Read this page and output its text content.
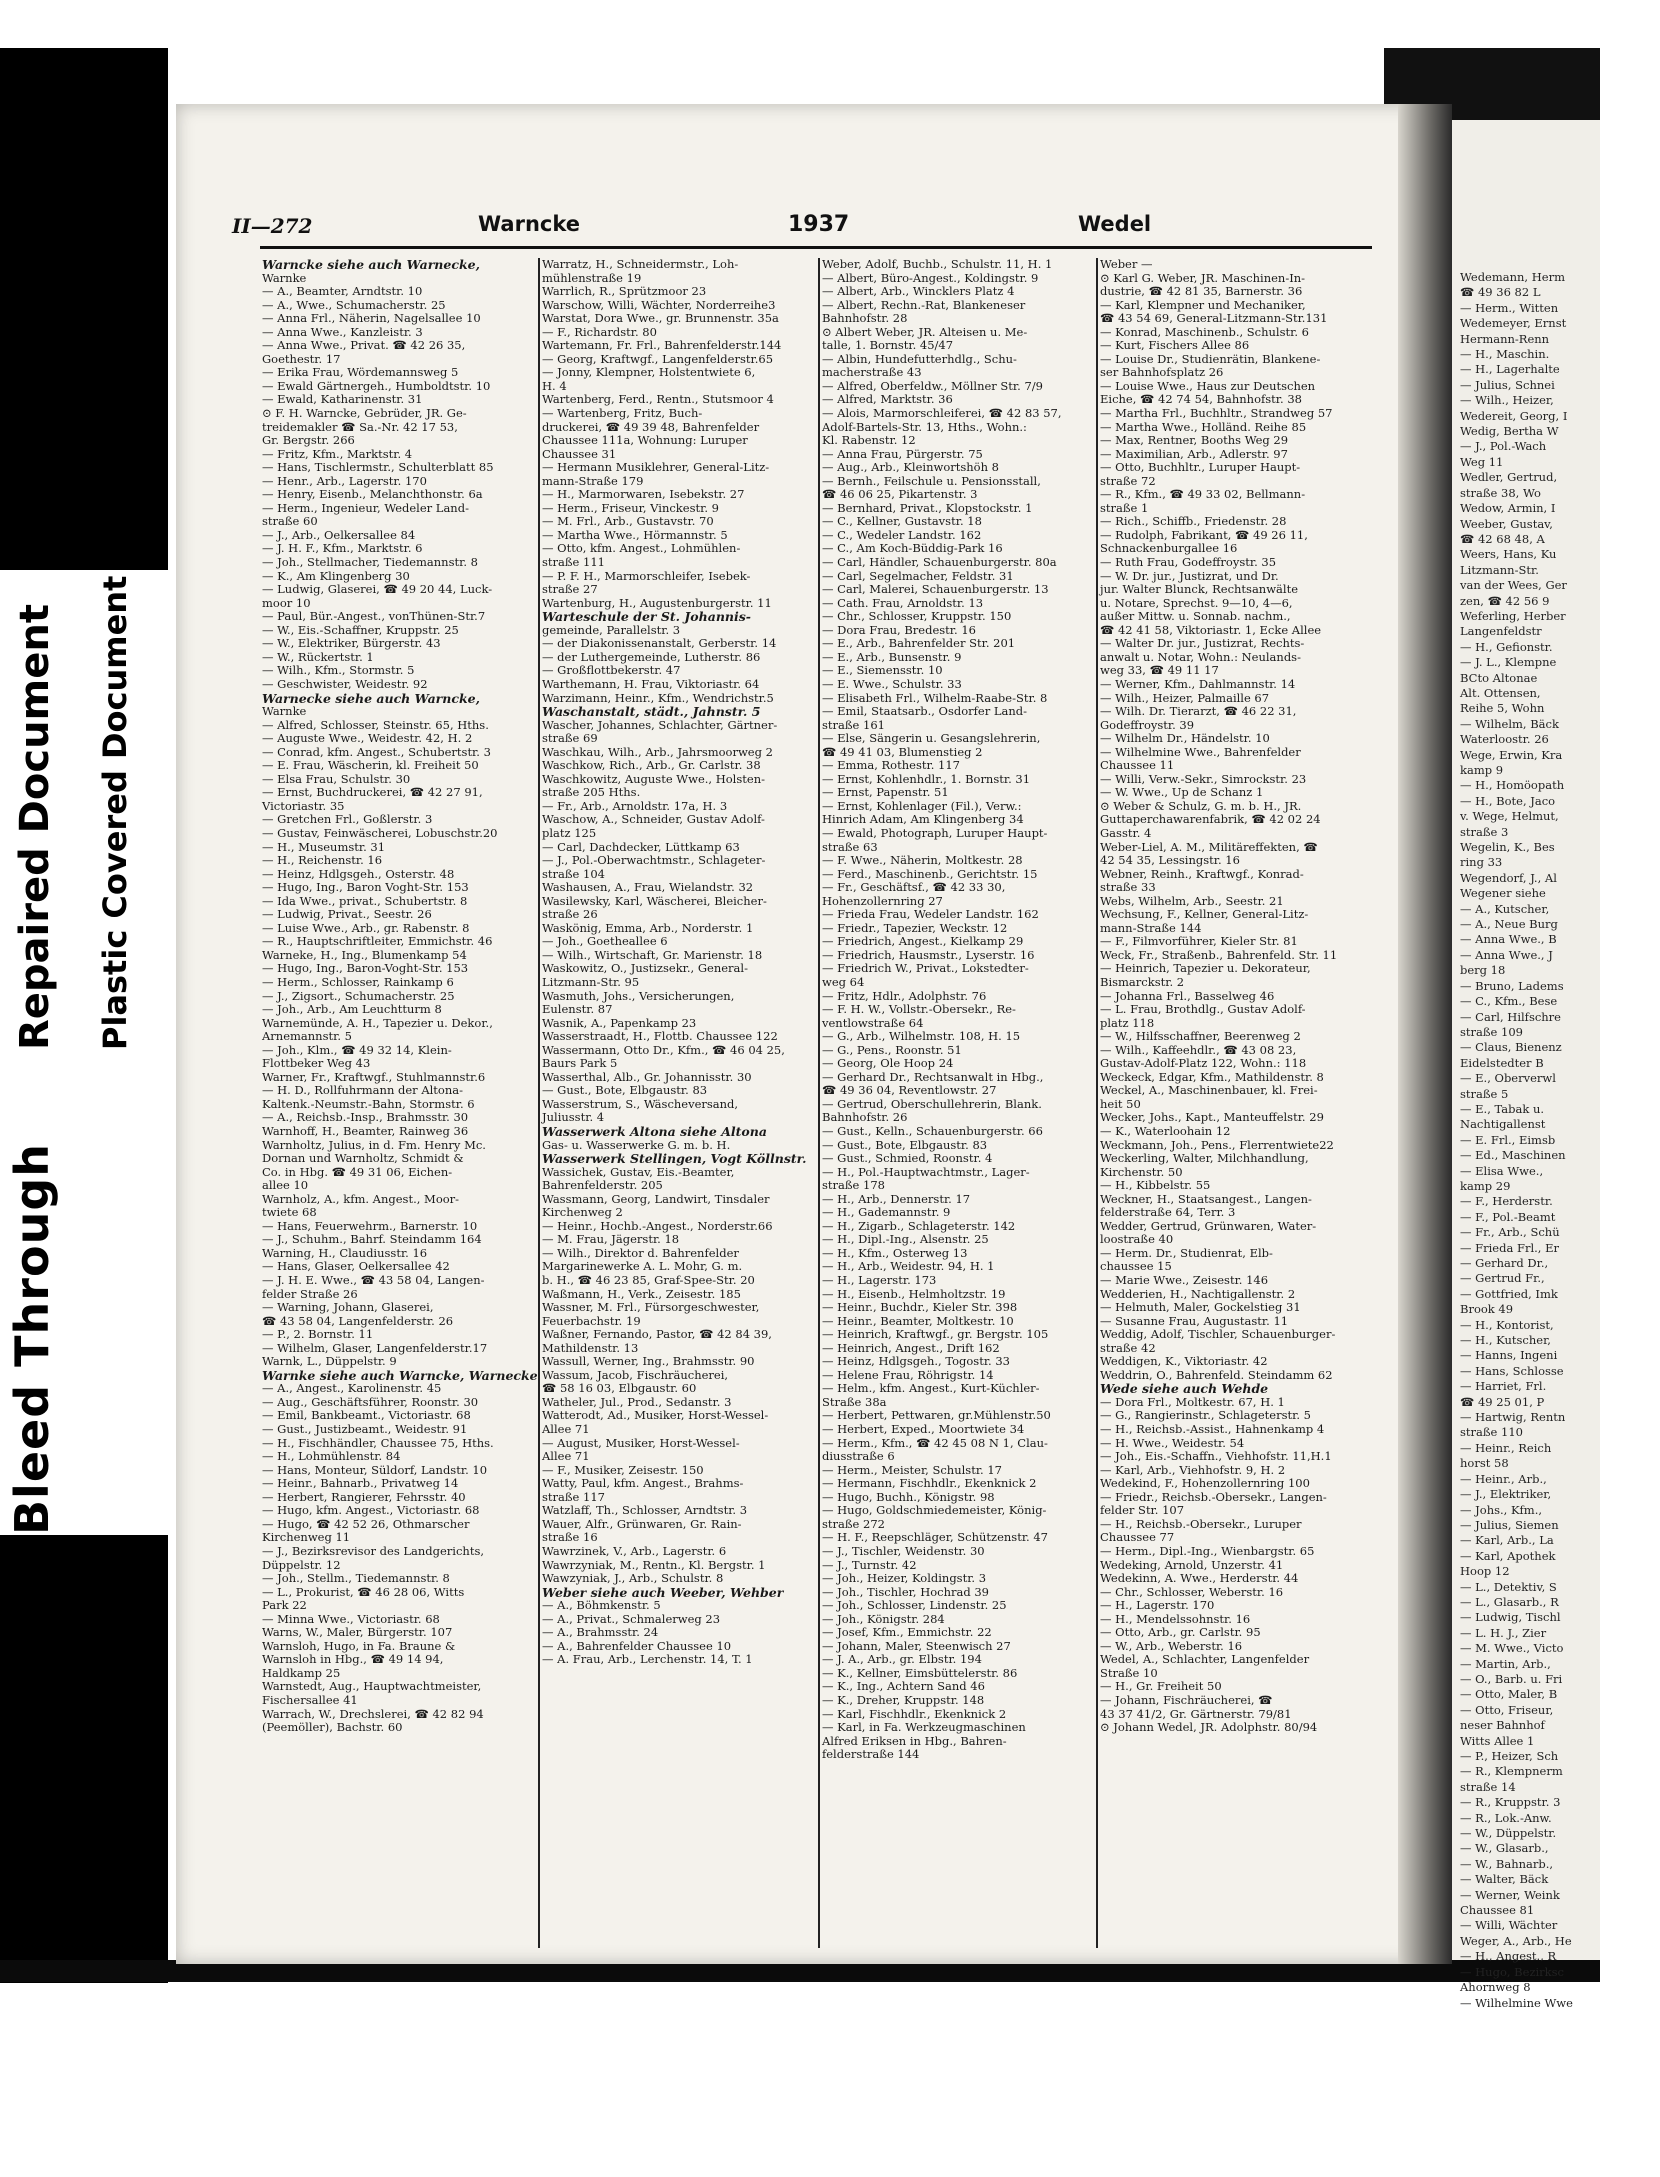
Wedemann, Herm
☎ 49 36 82 L
— Herm., Witten
Wedemeyer, Ernst
Hermann-Renn
— H., Maschin.
— H., Lagerhalte
— Julius, Schnei
— Wilh., Heizer,
Wedereit, Georg, I
Wedig, Bertha W
— J., Pol.-Wach
Weg 11
Wedler, Gertrud,
straße 38, Wo
Wedow, Armin, I
Weeber, Gustav,
☎ 42 68 48, A
Weers, Hans, Ku
Litzmann-Str.
van der Wees, Ger
zen, ☎ 42 56 9
Weferling, Herber
Langenfeldstr
— H., Gefionstr.
— J. L., Klempne
BCto Altonae
Alt. Ottensen,
Reihe 5, Wohn
— Wilhelm, Bäck
Waterloostr. 26
Wege, Erwin, Kra
kamp 9
— H., Homöopath
— H., Bote, Jaco
v. Wege, Helmut,
straße 3
Wegelin, K., Bes
ring 33
Wegendorf, J., Al
Wegener siehe
— A., Kutscher,
— A., Neue Burg
— Anna Wwe., B
— Anna Wwe., J
berg 18
— Bruno, Ladems
— C., Kfm., Bese
— Carl, Hilfschre
straße 109
— Claus, Bienenz
Eidelstedter B
— E., Oberverwl
straße 5
— E., Tabak u.
Nachtigallenst
— E. Frl., Eimsb
— Ed., Maschinen
— Elisa Wwe.,
kamp 29
— F., Herderstr.
— F., Pol.-Beamt
— Fr., Arb., Schü
— Frieda Frl., Er
— Gerhard Dr.,
— Gertrud Fr.,
— Gottfried, Imk
Brook 49
— H., Kontorist,
— H., Kutscher,
— Hanns, Ingeni
— Hans, Schlosse
— Harriet, Frl.
☎ 49 25 01, P
— Hartwig, Rentn
straße 110
— Heinr., Reich
horst 58
— Heinr., Arb.,
— J., Elektriker,
— Johs., Kfm.,
— Julius, Siemen
— Karl, Arb., La
— Karl, Apothek
Hoop 12
— L., Detektiv, S
— L., Glasarb., R
— Ludwig, Tischl
— L. H. J., Zier
— M. Wwe., Victo
— Martin, Arb.,
— O., Barb. u. Fri
— Otto, Maler, B
— Otto, Friseur,
neser Bahnhof
Witts Allee 1
— P., Heizer, Sch
— R., Klempnerm
straße 14
— R., Kruppstr. 3
— R., Lok.-Anw.
— W., Düppelstr.
— W., Glasarb.,
— W., Bahnarb.,
— Walter, Bäck
— Werner, Weink
Chaussee 81
— Willi, Wächter
Weger, A., Arb., He
— H., Angest., R
— Hugo, Bezirksc
Ahornweg 8
— Wilhelmine Wwe
Bleed Through
Repaired Document Plastic Covered Document
II—272	Warncke	1937	Wedel
Warncke siehe auch Warnecke,
Warnke
— A., Beamter, Arndtstr. 10
— A., Wwe., Schumacherstr. 25
— Anna Frl., Näherin, Nagelsallee 10
— Anna Wwe., Kanzleistr. 3
— Anna Wwe., Privat. ☎ 42 26 35,
Goethestr. 17
— Erika Frau, Wördemannsweg 5
— Ewald Gärtnergeh., Humboldtstr. 10
— Ewald, Katharinenstr. 31
⊙ F. H. Warncke, Gebrüder, JR. Ge-
treidemakler ☎ Sa.-Nr. 42 17 53,
Gr. Bergstr. 266
— Fritz, Kfm., Marktstr. 4
— Hans, Tischlermstr., Schulterblatt 85
— Henr., Arb., Lagerstr. 170
— Henry, Eisenb., Melanchthonstr. 6a
— Herm., Ingenieur, Wedeler Land-
straße 60
— J., Arb., Oelkersallee 84
— J. H. F., Kfm., Marktstr. 6
— Joh., Stellmacher, Tiedemannstr. 8
— K., Am Klingenberg 30
— Ludwig, Glaserei, ☎ 49 20 44, Luck-
moor 10
— Paul, Bür.-Angest., vonThünen-Str.7
— W., Eis.-Schaffner, Kruppstr. 25
— W., Elektriker, Bürgerstr. 43
— W., Rückertstr. 1
— Wilh., Kfm., Stormstr. 5
— Geschwister, Weidestr. 92
Warnecke siehe auch Warncke,
Warnke
— Alfred, Schlosser, Steinstr. 65, Hths.
— Auguste Wwe., Weidestr. 42, H. 2
— Conrad, kfm. Angest., Schubertstr. 3
— E. Frau, Wäscherin, kl. Freiheit 50
— Elsa Frau, Schulstr. 30
— Ernst, Buchdruckerei, ☎ 42 27 91,
Victoriastr. 35
— Gretchen Frl., Goßlerstr. 3
— Gustav, Feinwäscherei, Lobuschstr.20
— H., Museumstr. 31
— H., Reichenstr. 16
— Heinz, Hdlgsgeh., Osterstr. 48
— Hugo, Ing., Baron Voght-Str. 153
— Ida Wwe., privat., Schubertstr. 8
— Ludwig, Privat., Seestr. 26
— Luise Wwe., Arb., gr. Rabenstr. 8
— R., Hauptschriftleiter, Emmichstr. 46
Warneke, H., Ing., Blumenkamp 54
— Hugo, Ing., Baron-Voght-Str. 153
— Herm., Schlosser, Rainkamp 6
— J., Zigsort., Schumacherstr. 25
— Joh., Arb., Am Leuchtturm 8
Warnemünde, A. H., Tapezier u. Dekor.,
Arnemannstr. 5
— Joh., Klm., ☎ 49 32 14, Klein-
Flottbeker Weg 43
Warner, Fr., Kraftwgf., Stuhlmannstr.6
— H. D., Rollfuhrmann der Altona-
Kaltenk.-Neumstr.-Bahn, Stormstr. 6
— A., Reichsb.-Insp., Brahmsstr. 30
Warnhoff, H., Beamter, Rainweg 36
Warnholtz, Julius, in d. Fm. Henry Mc.
Dornan und Warnholtz, Schmidt &
Co. in Hbg. ☎ 49 31 06, Eichen-
allee 10
Warnholz, A., kfm. Angest., Moor-
twiete 68
— Hans, Feuerwehrm., Barnerstr. 10
— J., Schuhm., Bahrf. Steindamm 164
Warning, H., Claudiusstr. 16
— Hans, Glaser, Oelkersallee 42
— J. H. E. Wwe., ☎ 43 58 04, Langen-
felder Straße 26
— Warning, Johann, Glaserei,
☎ 43 58 04, Langenfelderstr. 26
— P., 2. Bornstr. 11
— Wilhelm, Glaser, Langenfelderstr.17
Warnk, L., Düppelstr. 9
Warnke siehe auch Warncke, Warnecke
— A., Angest., Karolinenstr. 45
— Aug., Geschäftsführer, Roonstr. 30
— Emil, Bankbeamt., Victoriastr. 68
— Gust., Justizbeamt., Weidestr. 91
— H., Fischhändler, Chaussee 75, Hths.
— H., Lohmühlenstr. 84
— Hans, Monteur, Süldorf, Landstr. 10
— Heinr., Bahnarb., Privatweg 14
— Herbert, Rangierer, Fehrsstr. 40
— Hugo, kfm. Angest., Victoriastr. 68
— Hugo, ☎ 42 52 26, Othmarscher
Kirchenweg 11
— J., Bezirksrevisor des Landgerichts,
Düppelstr. 12
— Joh., Stellm., Tiedemannstr. 8
— L., Prokurist, ☎ 46 28 06, Witts
Park 22
— Minna Wwe., Victoriastr. 68
Warns, W., Maler, Bürgerstr. 107
Warnsloh, Hugo, in Fa. Braune &
Warnsloh in Hbg., ☎ 49 14 94,
Haldkamp 25
Warnstedt, Aug., Hauptwachtmeister,
Fischersallee 41
Warrach, W., Drechslerei, ☎ 42 82 94
(Peemöller), Bachstr. 60
Warratz, H., Schneidermstr., Loh-
mühlenstraße 19
Warrlich, R., Sprützmoor 23
Warschow, Willi, Wächter, Norderreihe3
Warstat, Dora Wwe., gr. Brunnenstr. 35a
— F., Richardstr. 80
Wartemann, Fr. Frl., Bahrenfelderstr.144
— Georg, Kraftwgf., Langenfelderstr.65
— Jonny, Klempner, Holstentwiete 6,
H. 4
Wartenberg, Ferd., Rentn., Stutsmoor 4
— Wartenberg, Fritz, Buch-
druckerei, ☎ 49 39 48, Bahrenfelder
Chaussee 111a, Wohnung: Luruper
Chaussee 31
— Hermann Musiklehrer, General-Litz-
mann-Straße 179
— H., Marmorwaren, Isebekstr. 27
— Herm., Friseur, Vinckestr. 9
— M. Frl., Arb., Gustavstr. 70
— Martha Wwe., Hörmannstr. 5
— Otto, kfm. Angest., Lohmühlen-
straße 111
— P. F. H., Marmorschleifer, Isebek-
straße 27
Wartenburg, H., Augustenburgerstr. 11
Warteschule der St. Johannis-
gemeinde, Parallelstr. 3
— der Diakonissenanstalt, Gerberstr. 14
— der Luthergemeinde, Lutherstr. 86
— Großflottbekerstr. 47
Warthemann, H. Frau, Viktoriastr. 64
Warzimann, Heinr., Kfm., Wendrichstr.5
Waschanstalt, städt., Jahnstr. 5
Wascher, Johannes, Schlachter, Gärtner-
straße 69
Waschkau, Wilh., Arb., Jahrsmoorweg 2
Waschkow, Rich., Arb., Gr. Carlstr. 38
Waschkowitz, Auguste Wwe., Holsten-
straße 205 Hths.
— Fr., Arb., Arnoldstr. 17a, H. 3
Waschow, A., Schneider, Gustav Adolf-
platz 125
— Carl, Dachdecker, Lüttkamp 63
— J., Pol.-Oberwachtmstr., Schlageter-
straße 104
Washausen, A., Frau, Wielandstr. 32
Wasilewsky, Karl, Wäscherei, Bleicher-
straße 26
Waskönig, Emma, Arb., Norderstr. 1
— Joh., Goetheallee 6
— Wilh., Wirtschaft, Gr. Marienstr. 18
Waskowitz, O., Justizsekr., General-
Litzmann-Str. 95
Wasmuth, Johs., Versicherungen,
Eulenstr. 87
Wasnik, A., Papenkamp 23
Wasserstraadt, H., Flottb. Chaussee 122
Wassermann, Otto Dr., Kfm., ☎ 46 04 25,
Baurs Park 5
Wasserthal, Alb., Gr. Johannisstr. 30
— Gust., Bote, Elbgaustr. 83
Wasserstrum, S., Wäscheversand,
Juliusstr. 4
Wasserwerk Altona siehe Altona
Gas- u. Wasserwerke G. m. b. H.
Wasserwerk Stellingen, Vogt Köllnstr.
Wassichek, Gustav, Eis.-Beamter,
Bahrenfelderstr. 205
Wassmann, Georg, Landwirt, Tinsdaler
Kirchenweg 2
— Heinr., Hochb.-Angest., Norderstr.66
— M. Frau, Jägerstr. 18
— Wilh., Direktor d. Bahrenfelder
Margarinewerke A. L. Mohr, G. m.
b. H., ☎ 46 23 85, Graf-Spee-Str. 20
Waßmann, H., Verk., Zeisestr. 185
Wassner, M. Frl., Fürsorgeschwester,
Feuerbachstr. 19
Waßner, Fernando, Pastor, ☎ 42 84 39,
Mathildenstr. 13
Wassull, Werner, Ing., Brahmsstr. 90
Wassum, Jacob, Fischräucherei,
☎ 58 16 03, Elbgaustr. 60
Watheler, Jul., Prod., Sedanstr. 3
Watterodt, Ad., Musiker, Horst-Wessel-
Allee 71
— August, Musiker, Horst-Wessel-
Allee 71
— F., Musiker, Zeisestr. 150
Watty, Paul, kfm. Angest., Brahms-
straße 117
Watzlaff, Th., Schlosser, Arndtstr. 3
Wauer, Alfr., Grünwaren, Gr. Rain-
straße 16
Wawrzinek, V., Arb., Lagerstr. 6
Wawrzyniak, M., Rentn., Kl. Bergstr. 1
Wawzyniak, J., Arb., Schulstr. 8
Weber siehe auch Weeber, Wehber
— A., Böhmkenstr. 5
— A., Privat., Schmalerweg 23
— A., Brahmsstr. 24
— A., Bahrenfelder Chaussee 10
— A. Frau, Arb., Lerchenstr. 14, T. 1
Weber, Adolf, Buchb., Schulstr. 11, H. 1
— Albert, Büro-Angest., Koldingstr. 9
— Albert, Arb., Wincklers Platz 4
— Albert, Rechn.-Rat, Blankeneser
Bahnhofstr. 28
⊙ Albert Weber, JR. Alteisen u. Me-
talle, 1. Bornstr. 45/47
— Albin, Hundefutterhdlg., Schu-
macherstraße 43
— Alfred, Oberfeldw., Möllner Str. 7/9
— Alfred, Marktstr. 36
— Alois, Marmorschleiferei, ☎ 42 83 57,
Adolf-Bartels-Str. 13, Hths., Wohn.:
Kl. Rabenstr. 12
— Anna Frau, Pürgerstr. 75
— Aug., Arb., Kleinwortshöh 8
— Bernh., Feilschule u. Pensionsstall,
☎ 46 06 25, Pikartenstr. 3
— Bernhard, Privat., Klopstockstr. 1
— C., Kellner, Gustavstr. 18
— C., Wedeler Landstr. 162
— C., Am Koch-Büddig-Park 16
— Carl, Händler, Schauenburgerstr. 80a
— Carl, Segelmacher, Feldstr. 31
— Carl, Malerei, Schauenburgerstr. 13
— Cath. Frau, Arnoldstr. 13
— Chr., Schlosser, Kruppstr. 150
— Dora Frau, Bredestr. 16
— E., Arb., Bahrenfelder Str. 201
— E., Arb., Bunsenstr. 9
— E., Siemensstr. 10
— E. Wwe., Schulstr. 33
— Elisabeth Frl., Wilhelm-Raabe-Str. 8
— Emil, Staatsarb., Osdorfer Land-
straße 161
— Else, Sängerin u. Gesangslehrerin,
☎ 49 41 03, Blumenstieg 2
— Emma, Rothestr. 117
— Ernst, Kohlenhdlr., 1. Bornstr. 31
— Ernst, Papenstr. 51
— Ernst, Kohlenlager (Fil.), Verw.:
Hinrich Adam, Am Klingenberg 34
— Ewald, Photograph, Luruper Haupt-
straße 63
— F. Wwe., Näherin, Moltkestr. 28
— Ferd., Maschinenb., Gerichtstr. 15
— Fr., Geschäftsf., ☎ 42 33 30,
Hohenzollernring 27
— Frieda Frau, Wedeler Landstr. 162
— Friedr., Tapezier, Weckstr. 12
— Friedrich, Angest., Kielkamp 29
— Friedrich, Hausmstr., Lyserstr. 16
— Friedrich W., Privat., Lokstedter-
weg 64
— Fritz, Hdlr., Adolphstr. 76
— F. H. W., Vollstr.-Obersekr., Re-
ventlowstraße 64
— G., Arb., Wilhelmstr. 108, H. 15
— G., Pens., Roonstr. 51
— Georg, Ole Hoop 24
— Gerhard Dr., Rechtsanwalt in Hbg.,
☎ 49 36 04, Reventlowstr. 27
— Gertrud, Oberschullehrerin, Blank.
Bahnhofstr. 26
— Gust., Kelln., Schauenburgerstr. 66
— Gust., Bote, Elbgaustr. 83
— Gust., Schmied, Roonstr. 4
— H., Pol.-Hauptwachtmstr., Lager-
straße 178
— H., Arb., Dennerstr. 17
— H., Gademannstr. 9
— H., Zigarb., Schlageterstr. 142
— H., Dipl.-Ing., Alsenstr. 25
— H., Kfm., Osterweg 13
— H., Arb., Weidestr. 94, H. 1
— H., Lagerstr. 173
— H., Eisenb., Helmholtzstr. 19
— Heinr., Buchdr., Kieler Str. 398
— Heinr., Beamter, Moltkestr. 10
— Heinrich, Kraftwgf., gr. Bergstr. 105
— Heinrich, Angest., Drift 162
— Heinz, Hdlgsgeh., Togostr. 33
— Helene Frau, Röhrigstr. 14
— Helm., kfm. Angest., Kurt-Küchler-
Straße 38a
— Herbert, Pettwaren, gr.Mühlenstr.50
— Herbert, Exped., Moortwiete 34
— Herm., Kfm., ☎ 42 45 08 N 1, Clau-
diusstraße 6
— Herm., Meister, Schulstr. 17
— Hermann, Fischhdlr., Ekenknick 2
— Hugo, Buchh., Königstr. 98
— Hugo, Goldschmiedemeister, König-
straße 272
— H. F., Reepschläger, Schützenstr. 47
— J., Tischler, Weidenstr. 30
— J., Turnstr. 42
— Joh., Heizer, Koldingstr. 3
— Joh., Tischler, Hochrad 39
— Joh., Schlosser, Lindenstr. 25
— Joh., Königstr. 284
— Josef, Kfm., Emmichstr. 22
— Johann, Maler, Steenwisch 27
— J. A., Arb., gr. Elbstr. 194
— K., Kellner, Eimsbüttelerstr. 86
— K., Ing., Achtern Sand 46
— K., Dreher, Kruppstr. 148
— Karl, Fischhdlr., Ekenknick 2
— Karl, in Fa. Werkzeugmaschinen
Alfred Eriksen in Hbg., Bahren-
felderstraße 144
Weber —
⊙ Karl G. Weber, JR. Maschinen-In-
dustrie, ☎ 42 81 35, Barnerstr. 36
— Karl, Klempner und Mechaniker,
☎ 43 54 69, General-Litzmann-Str.131
— Konrad, Maschinenb., Schulstr. 6
— Kurt, Fischers Allee 86
— Louise Dr., Studienrätin, Blankene-
ser Bahnhofsplatz 26
— Louise Wwe., Haus zur Deutschen
Eiche, ☎ 42 74 54, Bahnhofstr. 38
— Martha Frl., Buchhltr., Strandweg 57
— Martha Wwe., Holländ. Reihe 85
— Max, Rentner, Booths Weg 29
— Maximilian, Arb., Adlerstr. 97
— Otto, Buchhltr., Luruper Haupt-
straße 72
— R., Kfm., ☎ 49 33 02, Bellmann-
straße 1
— Rich., Schiffb., Friedenstr. 28
— Rudolph, Fabrikant, ☎ 49 26 11,
Schnackenburgallee 16
— Ruth Frau, Godeffroystr. 35
— W. Dr. jur., Justizrat, und Dr.
jur. Walter Blunck, Rechtsanwälte
u. Notare, Sprechst. 9—10, 4—6,
außer Mittw. u. Sonnab. nachm.,
☎ 42 41 58, Viktoriastr. 1, Ecke Allee
— Walter Dr. jur., Justizrat, Rechts-
anwalt u. Notar, Wohn.: Neulands-
weg 33, ☎ 49 11 17
— Werner, Kfm., Dahlmannstr. 14
— Wilh., Heizer, Palmaille 67
— Wilh. Dr. Tierarzt, ☎ 46 22 31,
Godeffroystr. 39
— Wilhelm Dr., Händelstr. 10
— Wilhelmine Wwe., Bahrenfelder
Chaussee 11
— Willi, Verw.-Sekr., Simrockstr. 23
— W. Wwe., Up de Schanz 1
⊙ Weber & Schulz, G. m. b. H., JR.
Guttaperchawarenfabrik, ☎ 42 02 24
Gasstr. 4
Weber-Liel, A. M., Militäreffekten, ☎
42 54 35, Lessingstr. 16
Webner, Reinh., Kraftwgf., Konrad-
straße 33
Webs, Wilhelm, Arb., Seestr. 21
Wechsung, F., Kellner, General-Litz-
mann-Straße 144
— F., Filmvorführer, Kieler Str. 81
Weck, Fr., Straßenb., Bahrenfeld. Str. 11
— Heinrich, Tapezier u. Dekorateur,
Bismarckstr. 2
— Johanna Frl., Basselweg 46
— L. Frau, Brothdlg., Gustav Adolf-
platz 118
— W., Hilfsschaffner, Beerenweg 2
— Wilh., Kaffeehdlr., ☎ 43 08 23,
Gustav-Adolf-Platz 122, Wohn.: 118
Weckeck, Edgar, Kfm., Mathildenstr. 8
Weckel, A., Maschinenbauer, kl. Frei-
heit 50
Wecker, Johs., Kapt., Manteuffelstr. 29
— K., Waterloohain 12
Weckmann, Joh., Pens., Flerrentwiete22
Weckerling, Walter, Milchhandlung,
Kirchenstr. 50
— H., Kibbelstr. 55
Weckner, H., Staatsangest., Langen-
felderstraße 64, Terr. 3
Wedder, Gertrud, Grünwaren, Water-
loostraße 40
— Herm. Dr., Studienrat, Elb-
chaussee 15
— Marie Wwe., Zeisestr. 146
Wedderien, H., Nachtigallenstr. 2
— Helmuth, Maler, Gockelstieg 31
— Susanne Frau, Augustastr. 11
Weddig, Adolf, Tischler, Schauenburger-
straße 42
Weddigen, K., Viktoriastr. 42
Weddrin, O., Bahrenfeld. Steindamm 62
Wede siehe auch Wehde
— Dora Frl., Moltkestr. 67, H. 1
— G., Rangierinstr., Schlageterstr. 5
— H., Reichsb.-Assist., Hahnenkamp 4
— H. Wwe., Weidestr. 54
— Joh., Eis.-Schaffn., Viehhofstr. 11,H.1
— Karl, Arb., Viehhofstr. 9, H. 2
Wedekind, F., Hohenzollernring 100
— Friedr., Reichsb.-Obersekr., Langen-
felder Str. 107
— H., Reichsb.-Obersekr., Luruper
Chaussee 77
— Herm., Dipl.-Ing., Wienbargstr. 65
Wedeking, Arnold, Unzerstr. 41
Wedekinn, A. Wwe., Herderstr. 44
— Chr., Schlosser, Weberstr. 16
— H., Lagerstr. 170
— H., Mendelssohnstr. 16
— Otto, Arb., gr. Carlstr. 95
— W., Arb., Weberstr. 16
Wedel, A., Schlachter, Langenfelder
Straße 10
— H., Gr. Freiheit 50
— Johann, Fischräucherei, ☎
43 37 41/2, Gr. Gärtnerstr. 79/81
⊙ Johann Wedel, JR. Adolphstr. 80/94
